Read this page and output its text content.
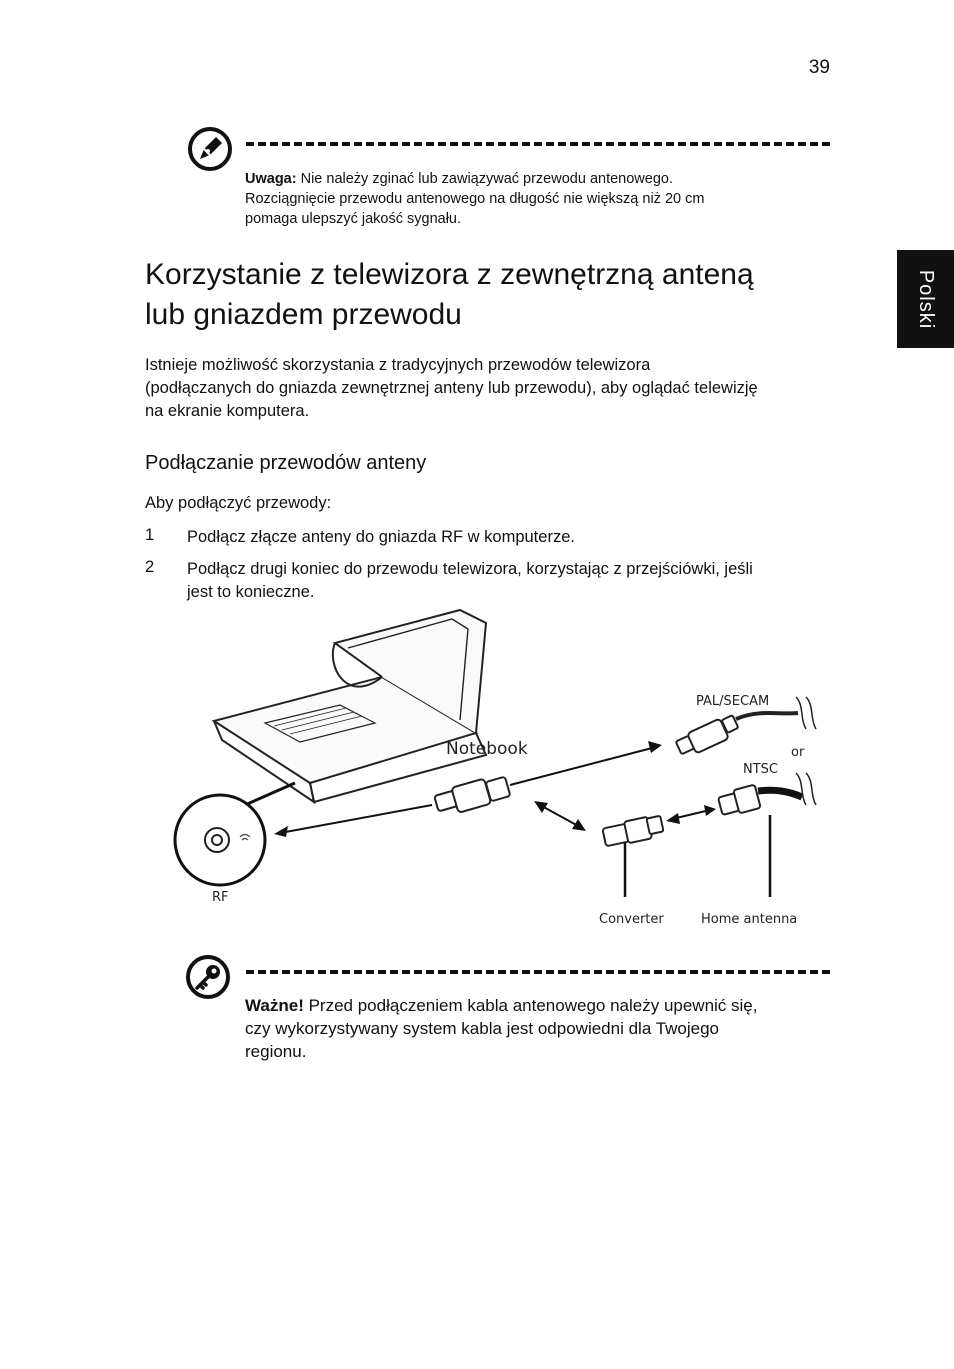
39
Polski
Uwaga: Nie należy zginać lub zawiązywać przewodu antenowego.
Rozciągnięcie przewodu antenowego na długość nie większą niż 20 cm
pomaga ulepszyć jakość sygnału.
Korzystanie z telewizora z zewnętrzną anteną
lub gniazdem przewodu
Istnieje możliwość skorzystania z tradycyjnych przewodów telewizora
(podłączanych do gniazda zewnętrznej anteny lub przewodu), aby oglądać telewizję
na ekranie komputera.
Podłączanie przewodów anteny
Aby podłączyć przewody:
1 Podłącz złącze anteny do gniazda RF w komputerze.
2 Podłącz drugi koniec do przewodu telewizora, korzystając z przejściówki, jeśli
jest to konieczne.
Notebook
RF
PAL/SECAM
or
Converter
NTSC
Home antenna
Ważne! Przed podłączeniem kabla antenowego należy upewnić się,
czy wykorzystywany system kabla jest odpowiedni dla Twojego
regionu.
